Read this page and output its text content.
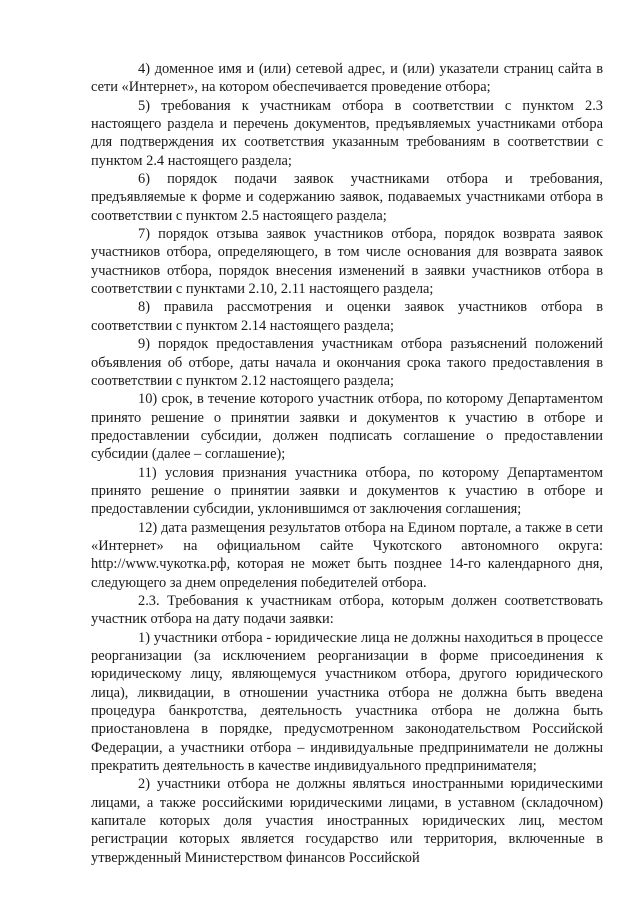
4) доменное имя и (или) сетевой адрес, и (или) указатели страниц сайта в сети «Интернет», на котором обеспечивается проведение отбора;

5) требования к участникам отбора в соответствии с пунктом 2.3 настоящего раздела и перечень документов, предъявляемых участниками отбора для подтверждения их соответствия указанным требованиям в соответствии с пунктом 2.4 настоящего раздела;

6) порядок подачи заявок участниками отбора и требования, предъявляемые к форме и содержанию заявок, подаваемых участниками отбора в соответствии с пунктом 2.5 настоящего раздела;

7) порядок отзыва заявок участников отбора, порядок возврата заявок участников отбора, определяющего, в том числе основания для возврата заявок участников отбора, порядок внесения изменений в заявки участников отбора в соответствии с пунктами 2.10, 2.11 настоящего раздела;

8) правила рассмотрения и оценки заявок участников отбора в соответствии с пунктом 2.14 настоящего раздела;

9) порядок предоставления участникам отбора разъяснений положений объявления об отборе, даты начала и окончания срока такого предоставления в соответствии с пунктом 2.12 настоящего раздела;

10) срок, в течение которого участник отбора, по которому Департаментом принято решение о принятии заявки и документов к участию в отборе и предоставлении субсидии, должен подписать соглашение о предоставлении субсидии (далее – соглашение);

11) условия признания участника отбора, по которому Департаментом принято решение о принятии заявки и документов к участию в отборе и предоставлении субсидии, уклонившимся от заключения соглашения;

12) дата размещения результатов отбора на Едином портале, а также в сети «Интернет» на официальном сайте Чукотского автономного округа: http://www.чукотка.рф, которая не может быть позднее 14-го календарного дня, следующего за днем определения победителей отбора.

2.3. Требования к участникам отбора, которым должен соответствовать участник отбора на дату подачи заявки:

1) участники отбора - юридические лица не должны находиться в процессе реорганизации (за исключением реорганизации в форме присоединения к юридическому лицу, являющемуся участником отбора, другого юридического лица), ликвидации, в отношении участника отбора не должна быть введена процедура банкротства, деятельность участника отбора не должна быть приостановлена в порядке, предусмотренном законодательством Российской Федерации, а участники отбора – индивидуальные предприниматели не должны прекратить деятельность в качестве индивидуального предпринимателя;

2) участники отбора не должны являться иностранными юридическими лицами, а также российскими юридическими лицами, в уставном (складочном) капитале которых доля участия иностранных юридических лиц, местом регистрации которых является государство или территория, включенные в утвержденный Министерством финансов Российской
